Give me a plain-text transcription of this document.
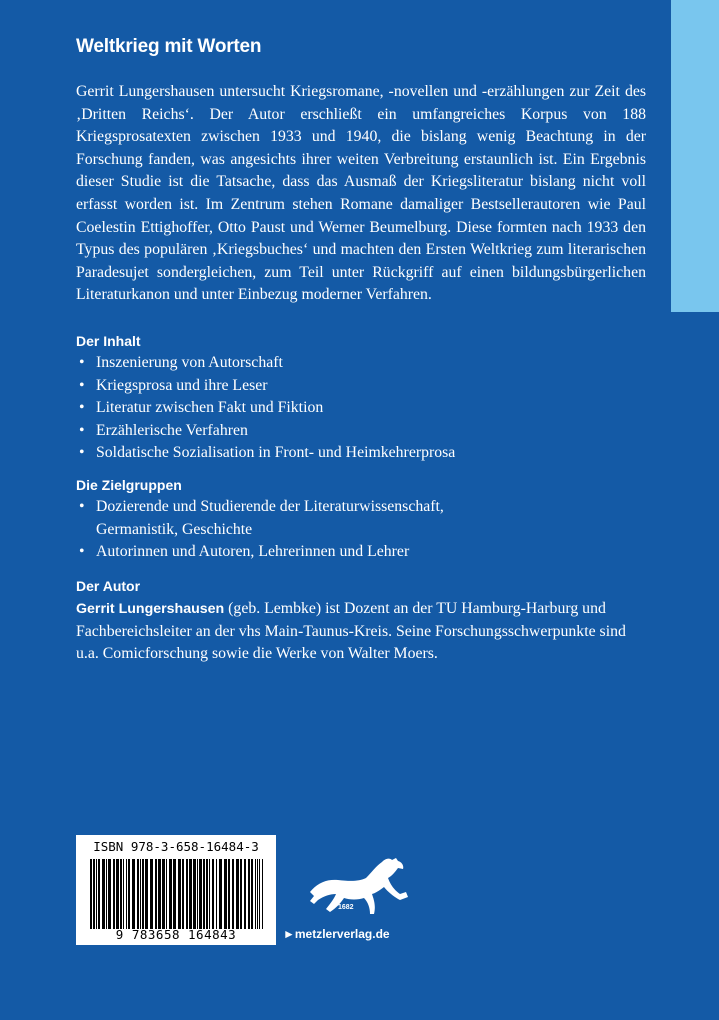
Weltkrieg mit Worten
Gerrit Lungershausen untersucht Kriegsromane, -novellen und -erzählungen zur Zeit des ‚Dritten Reichs‘. Der Autor erschließt ein umfangreiches Korpus von 188 Kriegsprosatexten zwischen 1933 und 1940, die bislang wenig Beachtung in der Forschung fanden, was angesichts ihrer weiten Verbreitung erstaunlich ist. Ein Ergebnis dieser Studie ist die Tatsache, dass das Ausmaß der Kriegsliteratur bislang nicht voll erfasst worden ist. Im Zentrum stehen Romane damaliger Bestsellerautoren wie Paul Coelestin Ettighoffer, Otto Paust und Werner Beumelburg. Diese formten nach 1933 den Typus des populären ‚Kriegsbuches‘ und machten den Ersten Weltkrieg zum literarischen Paradesujet sondergleichen, zum Teil unter Rückgriff auf einen bildungsbürgerlichen Literaturkanon und unter Einbezug moderner Verfahren.
Der Inhalt
• Inszenierung von Autorschaft
• Kriegsprosa und ihre Leser
• Literatur zwischen Fakt und Fiktion
• Erzählerische Verfahren
• Soldatische Sozialisation in Front- und Heimkehrerprosa
Die Zielgruppen
• Dozierende und Studierende der Literaturwissenschaft, Germanistik, Geschichte
• Autorinnen und Autoren, Lehrerinnen und Lehrer
Der Autor
Gerrit Lungershausen (geb. Lembke) ist Dozent an der TU Hamburg-Harburg und Fachbereichsleiter an der vhs Main-Taunus-Kreis. Seine Forschungsschwerpunkte sind u.a. Comicforschung sowie die Werke von Walter Moers.
ISBN 978-3-658-16484-3
9 783658 164843
1682
►metzlerverlag.de
